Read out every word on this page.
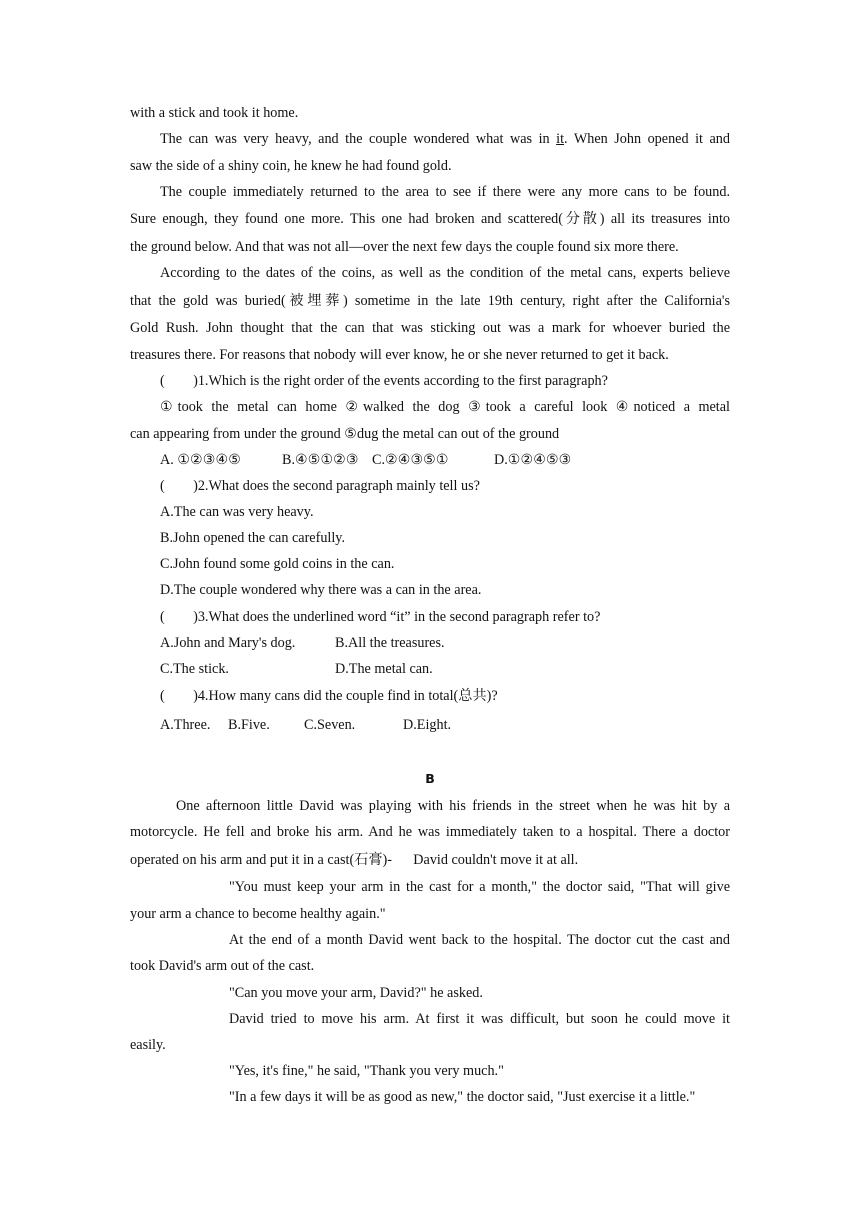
with a stick and took it home.
The can was very heavy, and the couple wondered what was in it. When John opened it and
saw the side of a shiny coin, he knew he had found gold.
The couple immediately returned to the area to see if there were any more cans to be found.
Sure enough, they found one more. This one had broken and scattered(分散) all its treasures into
the ground below. And that was not all—over the next few days the couple found six more there.
According to the dates of the coins, as well as the condition of the metal cans, experts believe
that the gold was buried(被埋葬) sometime in the late 19th century, right after the California's
Gold Rush. John thought that the can that was sticking out was a mark for whoever buried the
treasures there. For reasons that nobody will ever know, he or she never returned to get it back.
(　　)1.Which is the right order of the events according to the first paragraph?
①took the metal can home ②walked the dog ③took a careful look ④noticed a metal
can appearing from under the ground ⑤dug the metal can out of the ground
A. ①②③④⑤	B.④⑤①②③ C.②④③⑤①	D.①②④⑤③
(　　)2.What does the second paragraph mainly tell us?
A.The can was very heavy.
B.John opened the can carefully.
C.John found some gold coins in the can.
D.The couple wondered why there was a can in the area.
(　　)3.What does the underlined word “it” in the second paragraph refer to?
A.John and Mary's dog.	B.All the treasures.
C.The stick.	D.The metal can.
(　　)4.How many cans did the couple find in total(总共)?
A.Three. B.Five. C.Seven.	D.Eight.
B
One afternoon little David was playing with his friends in the street when he was hit by a
motorcycle. He fell and broke his arm. And he was immediately taken to a hospital. There a doctor
operated on his arm and put it in a cast(石膏)-      David couldn't move it at all.
"You must keep your arm in the cast for a month," the doctor said, "That will give
your arm a chance to become healthy again."
At the end of a month David went back to the hospital. The doctor cut the cast and
took David's arm out of the cast.
"Can you move your arm, David?" he asked.
David tried to move his arm. At first it was difficult, but soon he could move it
easily.
"Yes, it's fine," he said, "Thank you very much."
"In a few days it will be as good as new," the doctor said, "Just exercise it a little."
